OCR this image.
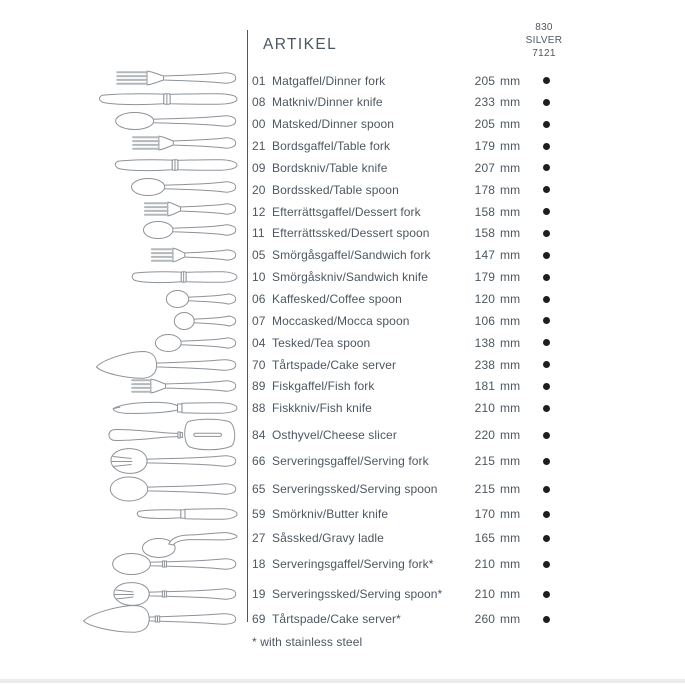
ARTIKEL
830
SILVER
7121
01 Matgaffel/Dinner fork	205 mm
08 Matkniv/Dinner knife	233 mm
00 Matsked/Dinner spoon	205 mm
21 Bordsgaffel/Table fork	179 mm
09 Bordskniv/Table knife	207 mm
20 Bordssked/Table spoon	178 mm
12 Efterrättsgaffel/Dessert fork	158 mm
11 Efterrättssked/Dessert spoon	158 mm
05 Smörgåsgaffel/Sandwich fork	147 mm
10 Smörgåskniv/Sandwich knife	179 mm
06 Kaffesked/Coffee spoon	120 mm
07 Moccasked/Mocca spoon	106 mm
04 Tesked/Tea spoon	138 mm
70 Tårtspade/Cake server	238 mm
89 Fiskgaffel/Fish fork	181 mm
88 Fiskkniv/Fish knife	210 mm
84 Osthyvel/Cheese slicer	220 mm
66 Serveringsgaffel/Serving fork	215 mm
65 Serveringssked/Serving spoon	215 mm
59 Smörkniv/Butter knife	170 mm
27 Såssked/Gravy ladle	165 mm
18 Serveringsgaffel/Serving fork*	210 mm
19 Serveringssked/Serving spoon*	210 mm
69 Tårtspade/Cake server*	260 mm
* with stainless steel
